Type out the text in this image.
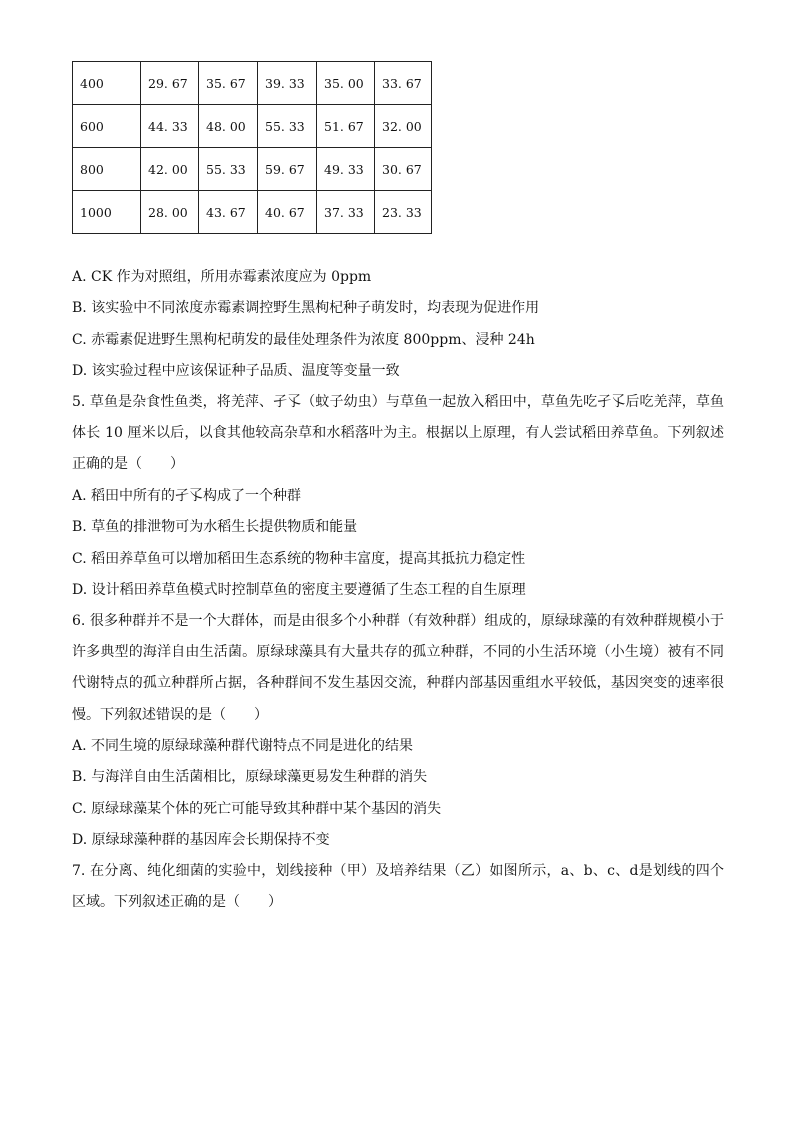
400	29. 67	35. 67	39. 33	35. 00	33. 67
600	44. 33	48. 00	55. 33	51. 67	32. 00
800	42. 00	55. 33	59. 67	49. 33	30. 67
1000	28. 00	43. 67	40. 67	37. 33	23. 33
A. CK 作为对照组，所用赤霉素浓度应为 0ppm
B. 该实验中不同浓度赤霉素调控野生黑枸杞种子萌发时，均表现为促进作用
C. 赤霉素促进野生黑枸杞萌发的最佳处理条件为浓度 800ppm、浸种 24h
D. 该实验过程中应该保证种子品质、温度等变量一致
5. 草鱼是杂食性鱼类，将羌萍、孑孓（蚊子幼虫）与草鱼一起放入稻田中，草鱼先吃孑孓后吃羌萍，草鱼体长 10 厘米以后，以食其他较高杂草和水稻落叶为主。根据以上原理，有人尝试稻田养草鱼。下列叙述正确的是（　　）
A. 稻田中所有的孑孓构成了一个种群
B. 草鱼的排泄物可为水稻生长提供物质和能量
C. 稻田养草鱼可以增加稻田生态系统的物种丰富度，提高其抵抗力稳定性
D. 设计稻田养草鱼模式时控制草鱼的密度主要遵循了生态工程的自生原理
6. 很多种群并不是一个大群体，而是由很多个小种群（有效种群）组成的，原绿球藻的有效种群规模小于许多典型的海洋自由生活菌。原绿球藻具有大量共存的孤立种群，不同的小生活环境（小生境）被有不同代谢特点的孤立种群所占据，各种群间不发生基因交流，种群内部基因重组水平较低，基因突变的速率很慢。下列叙述错误的是（　　）
A. 不同生境的原绿球藻种群代谢特点不同是进化的结果
B. 与海洋自由生活菌相比，原绿球藻更易发生种群的消失
C. 原绿球藻某个体的死亡可能导致其种群中某个基因的消失
D. 原绿球藻种群的基因库会长期保持不变
7. 在分离、纯化细菌的实验中，划线接种（甲）及培养结果（乙）如图所示，a、b、c、d是划线的四个区域。下列叙述正确的是（　　）
